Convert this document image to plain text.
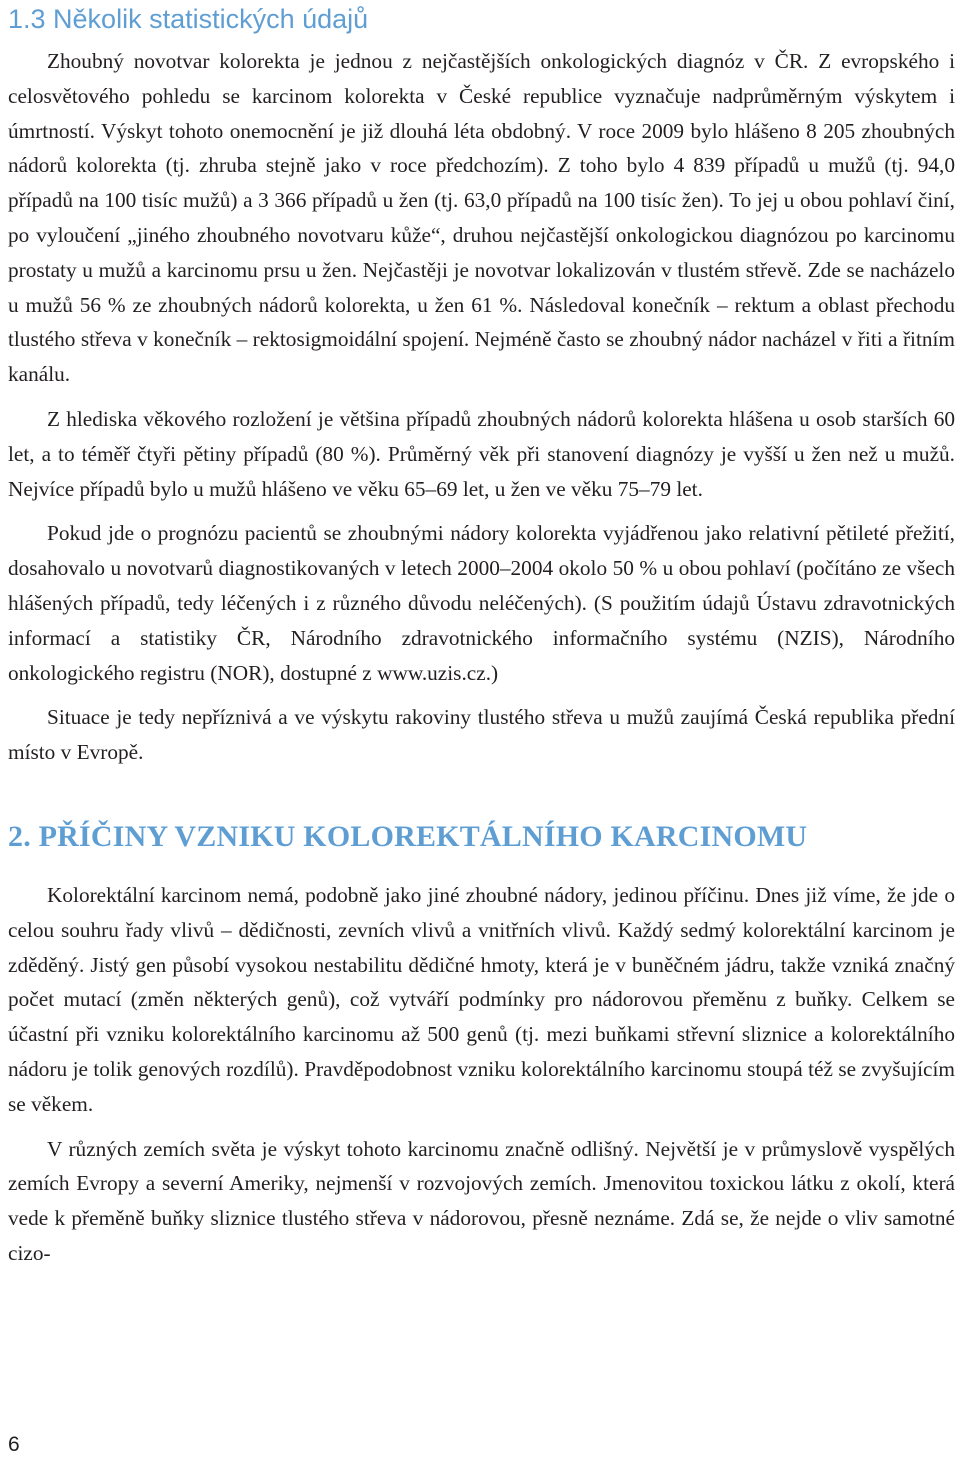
1.3 Několik statistických údajů

Zhoubný novotvar kolorekta je jednou z nejčastějších onkologických diagnóz v ČR. Z evropského i celosvětového pohledu se karcinom kolorekta v České republice vyznačuje nadprůměrným výskytem i úmrtností. Výskyt tohoto onemocnění je již dlouhá léta obdobný. V roce 2009 bylo hlášeno 8 205 zhoubných nádorů kolorekta (tj. zhruba stejně jako v roce předchozím). Z toho bylo 4 839 případů u mužů (tj. 94,0 případů na 100 tisíc mužů) a 3 366 případů u žen (tj. 63,0 případů na 100 tisíc žen). To jej u obou pohlaví činí, po vyloučení „jiného zhoubného novotvaru kůže“, druhou nejčastější onkologickou diagnózou po karcinomu prostaty u mužů a karcinomu prsu u žen. Nejčastěji je novotvar lokalizován v tlustém střevě. Zde se nacházelo u mužů 56 % ze zhoubných nádorů kolorekta, u žen 61 %. Následoval konečník – rektum a oblast přechodu tlustého střeva v konečník – rektosigmoidální spojení. Nejméně často se zhoubný nádor nacházel v řiti a řitním kanálu.

Z hlediska věkového rozložení je většina případů zhoubných nádorů kolorekta hlášena u osob starších 60 let, a to téměř čtyři pětiny případů (80 %). Průměrný věk při stanovení diagnózy je vyšší u žen než u mužů. Nejvíce případů bylo u mužů hlášeno ve věku 65–69 let, u žen ve věku 75–79 let.

Pokud jde o prognózu pacientů se zhoubnými nádory kolorekta vyjádřenou jako relativní pětileté přežití, dosahovalo u novotvarů diagnostikovaných v letech 2000–2004 okolo 50 % u obou pohlaví (počítáno ze všech hlášených případů, tedy léčených i z různého důvodu neléčených). (S použitím údajů Ústavu zdravotnických informací a statistiky ČR, Národního zdravotnického informačního systému (NZIS), Národního onkologického registru (NOR), dostupné z www.uzis.cz.)

Situace je tedy nepříznivá a ve výskytu rakoviny tlustého střeva u mužů zaujímá Česká republika přední místo v Evropě.

2. PŘÍČINY VZNIKU KOLOREKTÁLNÍHO KARCINOMU

Kolorektální karcinom nemá, podobně jako jiné zhoubné nádory, jedinou příčinu. Dnes již víme, že jde o celou souhru řady vlivů – dědičnosti, zevních vlivů a vnitřních vlivů. Každý sedmý kolorektální karcinom je zděděný. Jistý gen působí vysokou nestabilitu dědičné hmoty, která je v buněčném jádru, takže vzniká značný počet mutací (změn některých genů), což vytváří podmínky pro nádorovou přeměnu z buňky. Celkem se účastní při vzniku kolorektálního karcinomu až 500 genů (tj. mezi buňkami střevní sliznice a kolorektálního nádoru je tolik genových rozdílů). Pravděpodobnost vzniku kolorektálního karcinomu stoupá též se zvyšujícím se věkem.

V různých zemích světa je výskyt tohoto karcinomu značně odlišný. Největší je v průmyslově vyspělých zemích Evropy a severní Ameriky, nejmenší v rozvojových zemích. Jmenovitou toxickou látku z okolí, která vede k přeměně buňky sliznice tlustého střeva v nádorovou, přesně neznáme. Zdá se, že nejde o vliv samotné cizo-

6
